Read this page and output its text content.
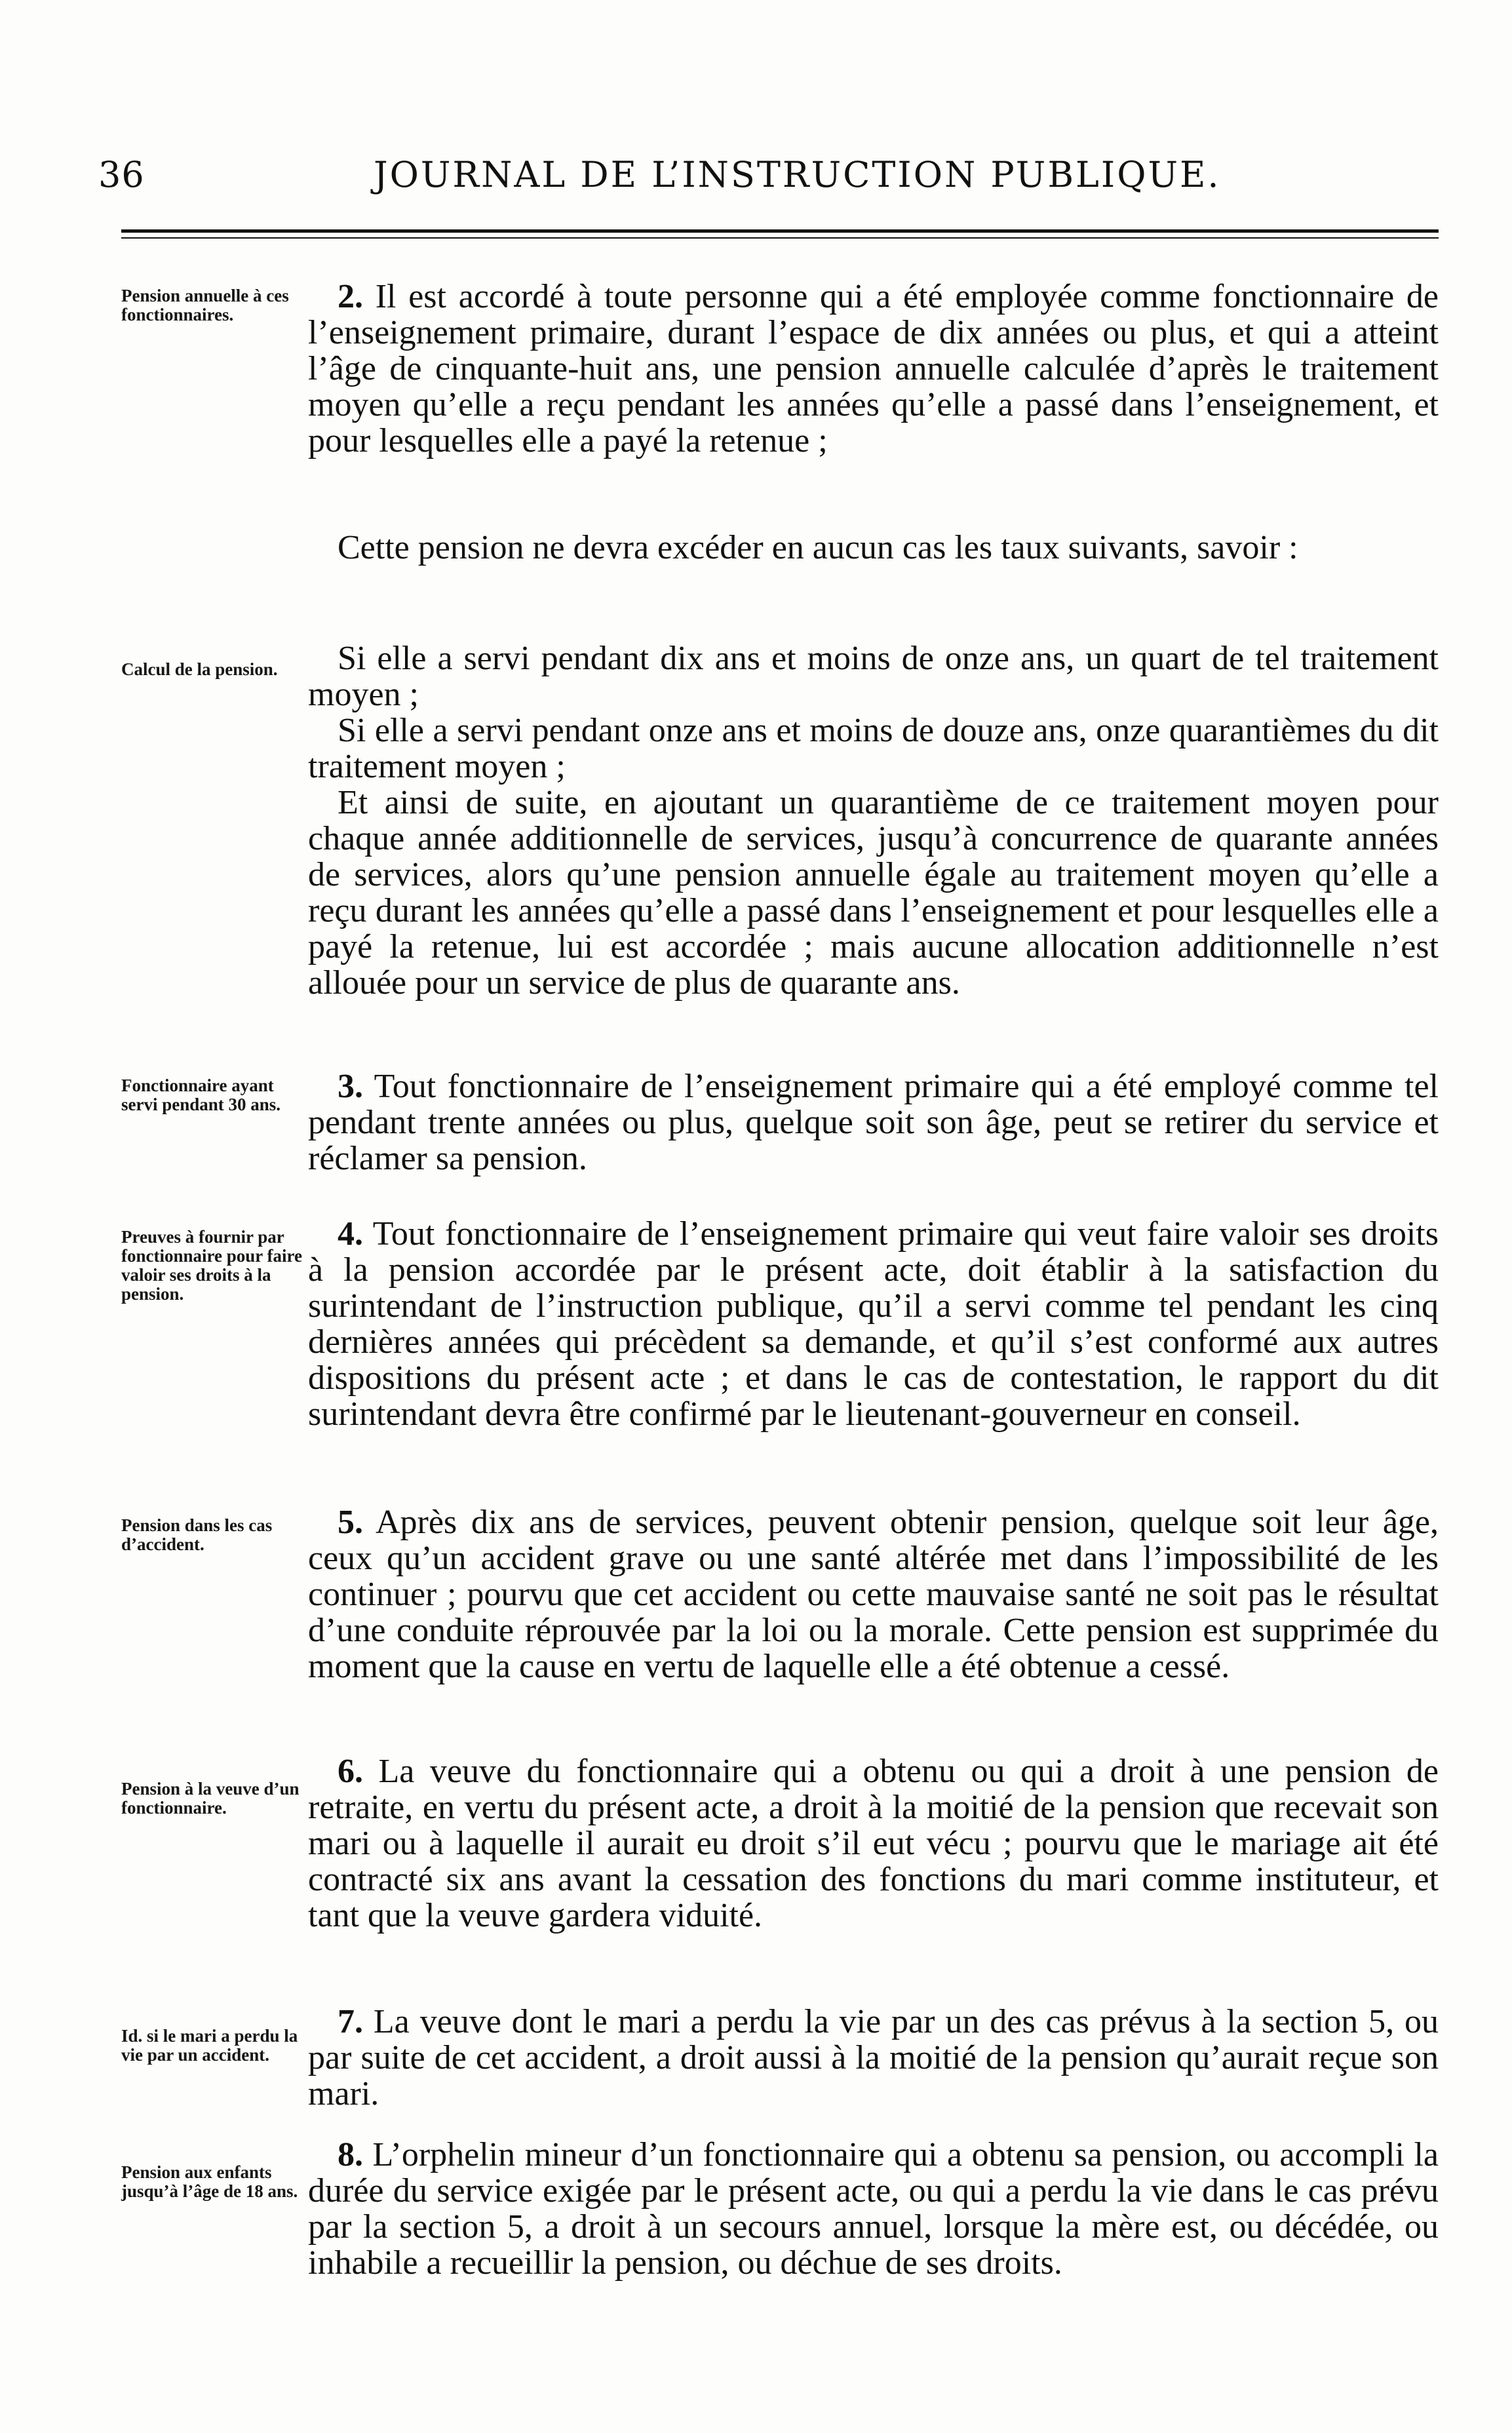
36	JOURNAL DE L’INSTRUCTION PUBLIQUE.
Pension annuelle à ces fonctionnaires.	2. Il est accordé à toute personne qui a été employée comme fonctionnaire de l’enseignement primaire, durant l’espace de dix années ou plus, et qui a atteint l’âge de cinquante-huit ans, une pension annuelle calculée d’après le traitement moyen qu’elle a reçu pendant les années qu’elle a passé dans l’enseignement, et pour lesquelles elle a payé la retenue ;
Cette pension ne devra excéder en aucun cas les taux suivants, savoir :
Calcul de la pension.	Si elle a servi pendant dix ans et moins de onze ans, un quart de tel traitement moyen ;
Si elle a servi pendant onze ans et moins de douze ans, onze quarantièmes du dit traitement moyen ;
Et ainsi de suite, en ajoutant un quarantième de ce traitement moyen pour chaque année additionnelle de services, jusqu’à concurrence de quarante années de services, alors qu’une pension annuelle égale au traitement moyen qu’elle a reçu durant les années qu’elle a passé dans l’enseignement et pour lesquelles elle a payé la retenue, lui est accordée ; mais aucune allocation additionnelle n’est allouée pour un service de plus de quarante ans.
Fonctionnaire ayant servi pendant 30 ans.	3. Tout fonctionnaire de l’enseignement primaire qui a été employé comme tel pendant trente années ou plus, quelque soit son âge, peut se retirer du service et réclamer sa pension.
Preuves à fournir par fonctionnaire pour faire valoir ses droits à la pension.
4. Tout fonctionnaire de l’enseignement primaire qui veut faire valoir ses droits à la pension accordée par le présent acte, doit établir à la satisfaction du surintendant de l’instruction publique, qu’il a servi comme tel pendant les cinq dernières années qui précèdent sa demande, et qu’il s’est conformé aux autres dispositions du présent acte ; et dans le cas de contestation, le rapport du dit surintendant devra être confirmé par le lieutenant-gouverneur en conseil.
Pension dans les cas d’accident.
5. Après dix ans de services, peuvent obtenir pension, quelque soit leur âge, ceux qu’un accident grave ou une santé altérée met dans l’impossibilité de les continuer ; pourvu que cet accident ou cette mauvaise santé ne soit pas le résultat d’une conduite réprouvée par la loi ou la morale. Cette pension est supprimée du moment que la cause en vertu de laquelle elle a été obtenue a cessé.
Pension à la veuve d’un fonctionnaire.
6. La veuve du fonctionnaire qui a obtenu ou qui a droit à une pension de retraite, en vertu du présent acte, a droit à la moitié de la pension que recevait son mari ou à laquelle il aurait eu droit s’il eut vécu ; pourvu que le mariage ait été contracté six ans avant la cessation des fonctions du mari comme instituteur, et tant que la veuve gardera viduité.
Id. si le mari a perdu la vie par un accident.
7. La veuve dont le mari a perdu la vie par un des cas prévus à la section 5, ou par suite de cet accident, a droit aussi à la moitié de la pension qu’aurait reçue son mari.
Pension aux enfants jusqu’à l’âge de 18 ans.
8. L’orphelin mineur d’un fonctionnaire qui a obtenu sa pension, ou accompli la durée du service exigée par le présent acte, ou qui a perdu la vie dans le cas prévu par la section 5, a droit à un secours annuel, lorsque la mère est, ou décédée, ou inhabile a recueillir la pension, ou déchue de ses droits.
